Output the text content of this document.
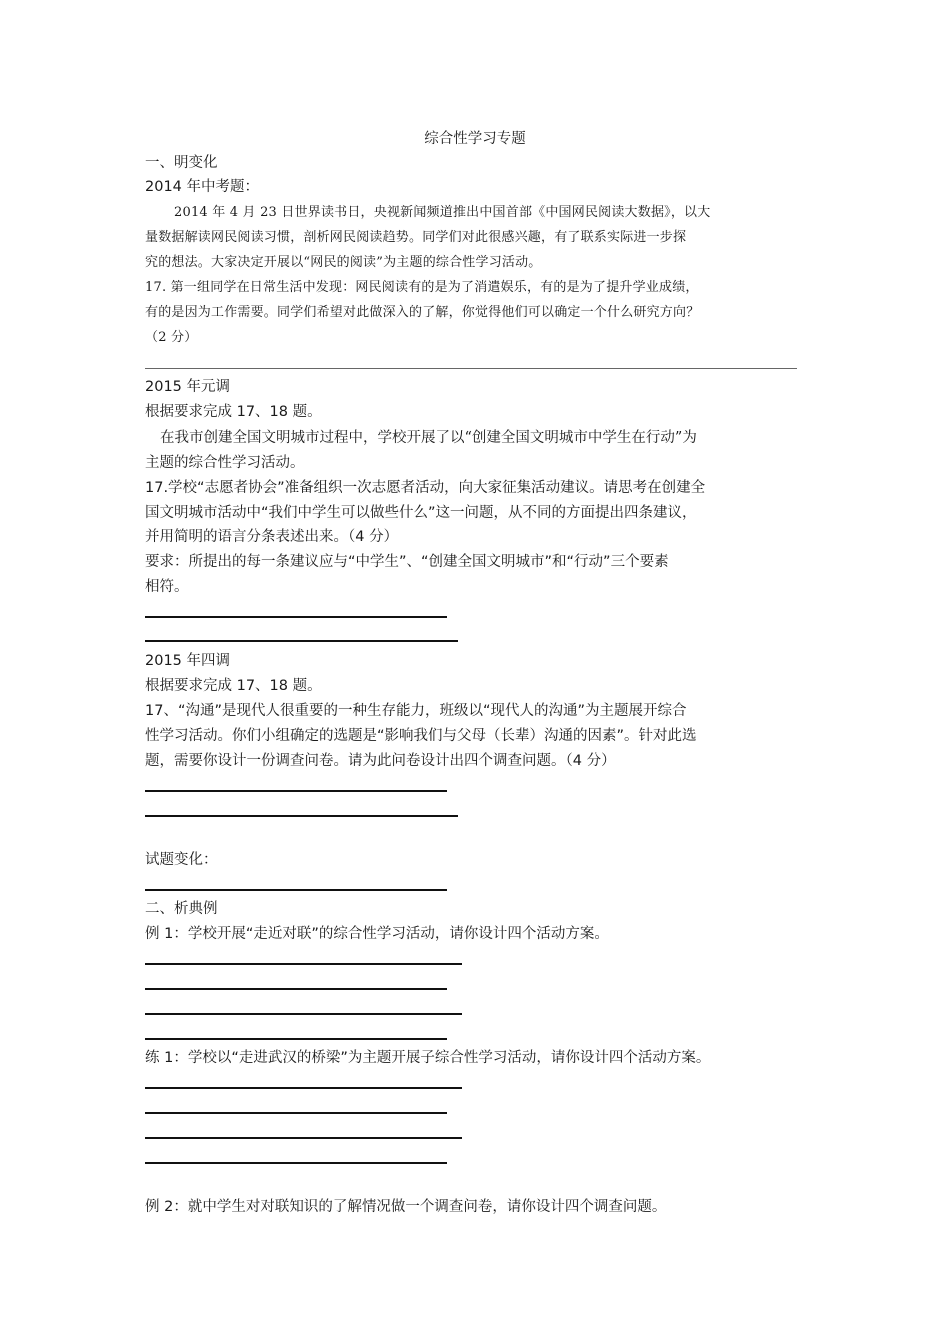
综合性学习专题
一、明变化
2014 年中考题：
2014 年 4 月 23 日世界读书日，央视新闻频道推出中国首部《中国网民阅读大数据》，以大
量数据解读网民阅读习惯，剖析网民阅读趋势。同学们对此很感兴趣，有了联系实际进一步探
究的想法。大家决定开展以“网民的阅读”为主题的综合性学习活动。
17. 第一组同学在日常生活中发现：网民阅读有的是为了消遣娱乐，有的是为了提升学业成绩，
有的是因为工作需要。同学们希望对此做深入的了解，你觉得他们可以确定一个什么研究方向？
（2 分）
2015 年元调
根据要求完成 17、18 题。
在我市创建全国文明城市过程中，学校开展了以“创建全国文明城市中学生在行动”为
主题的综合性学习活动。
17.学校“志愿者协会”准备组织一次志愿者活动，向大家征集活动建议。请思考在创建全
国文明城市活动中“我们中学生可以做些什么”这一问题，从不同的方面提出四条建议，
并用简明的语言分条表述出来。（4 分）
要求：所提出的每一条建议应与“中学生”、“创建全国文明城市”和“行动”三个要素
相符。
2015 年四调
根据要求完成 17、18 题。
17、“沟通”是现代人很重要的一种生存能力，班级以“现代人的沟通”为主题展开综合
性学习活动。你们小组确定的选题是“影响我们与父母（长辈）沟通的因素”。针对此选
题，需要你设计一份调查问卷。请为此问卷设计出四个调查问题。（4 分）
试题变化：
二、析典例
例 1：学校开展“走近对联”的综合性学习活动，请你设计四个活动方案。
练 1：学校以“走进武汉的桥梁”为主题开展子综合性学习活动，请你设计四个活动方案。
例 2：就中学生对对联知识的了解情况做一个调查问卷，请你设计四个调查问题。
